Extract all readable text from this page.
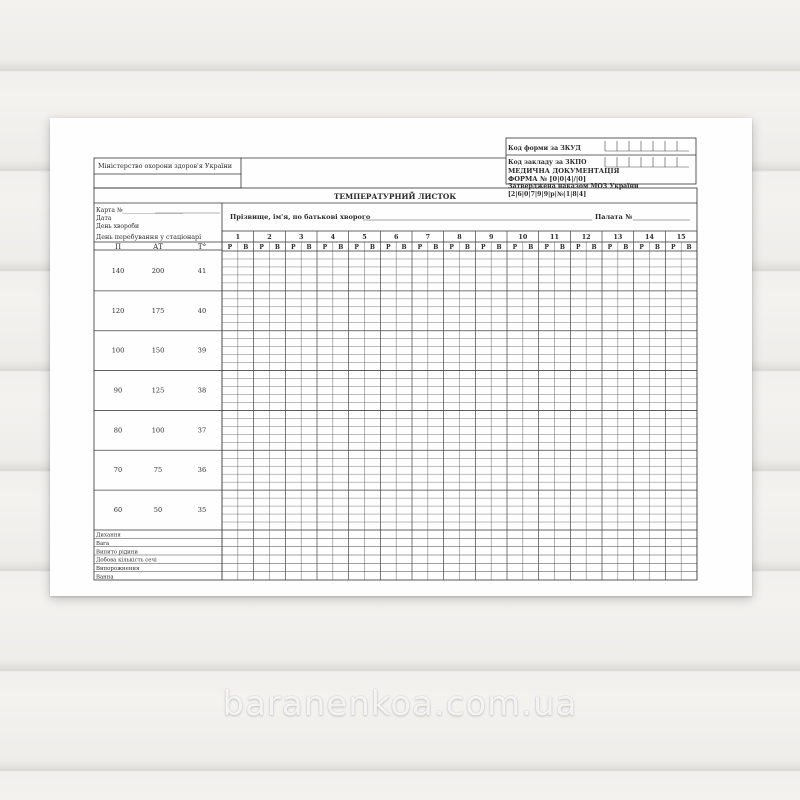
Код форми за ЗКУД
Код закладу за ЗКПО
МЕДИЧНА ДОКУМЕНТАЦІЯ
ФОРМА № [0|0|4|/|0]
Затверджена наказом МОЗ України
[2|6|0|7|9|9|р|№|1|8|4]
Міністерство охорони здоров'я України
ТЕМПЕРАТУРНИЙ ЛИСТОК
Карта №____________________
Дата
День хвороби
День перебування у стаціонарі
Прізвище, ім'я, по батькові хворого	Палата №
1
Р В
2
Р В
3
Р В
4
Р В
5
Р В
6
Р В
7
Р В
8
Р В
9
Р В
10
Р В
11
Р В
12
Р В
13
Р В
14
Р В
15
Р В
П	АТ	Т°
140	200	41
120	175	40
100	150	39
90	125	38
80	100	37
70	75	36
60	50	35
Дихання
Вага
Випито рідини
Добова кількість сечі
Випорожнення
Ванна
baranenkoa.com.ua
